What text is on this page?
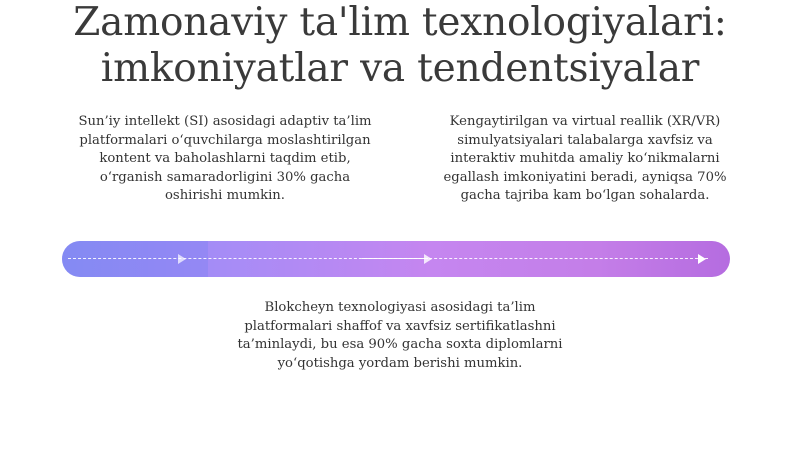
Zamonaviy ta'lim texnologiyalari:
imkoniyatlar va tendentsiyalar
Sun’iy intellekt (SI) asosidagi adaptiv ta’lim platformalari o‘quvchilarga moslashtirilgan kontent va baholashlarni taqdim etib, o‘rganish samaradorligini 30% gacha oshirishi mumkin.
Kengaytirilgan va virtual reallik (XR/VR) simulyatsiyalari talabalarga xavfsiz va interaktiv muhitda amaliy ko‘nikmalarni egallash imkoniyatini beradi, ayniqsa 70% gacha tajriba kam bo‘lgan sohalarda.
Blokcheyn texnologiyasi asosidagi ta’lim platformalari shaffof va xavfsiz sertifikatlashni ta’minlaydi, bu esa 90% gacha soxta diplomlarni yo‘qotishga yordam berishi mumkin.
